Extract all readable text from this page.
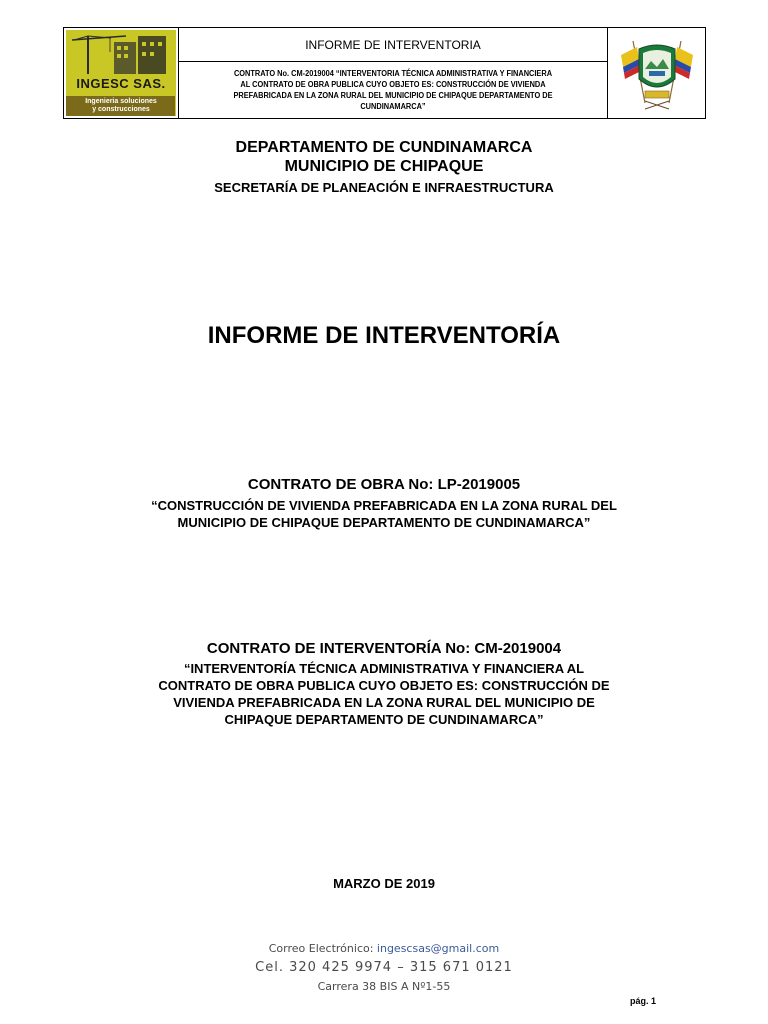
INGESC SAS.
Ingenieria soluciones
y construcciones
INFORME DE INTERVENTORIA
CONTRATO No. CM-2019004 “INTERVENTORIA TÉCNICA ADMINISTRATIVA Y FINANCIERA
AL CONTRATO DE OBRA PUBLICA CUYO OBJETO ES: CONSTRUCCIÓN DE VIVIENDA
PREFABRICADA EN LA ZONA RURAL DEL MUNICIPIO DE CHIPAQUE DEPARTAMENTO DE
CUNDINAMARCA”
DEPARTAMENTO DE CUNDINAMARCA
MUNICIPIO DE CHIPAQUE
SECRETARÍA DE PLANEACIÓN E INFRAESTRUCTURA
INFORME DE INTERVENTORÍA
CONTRATO DE OBRA No: LP-2019005
“CONSTRUCCIÓN DE VIVIENDA PREFABRICADA EN LA ZONA RURAL DEL
MUNICIPIO DE CHIPAQUE DEPARTAMENTO DE CUNDINAMARCA”
CONTRATO DE INTERVENTORÍA No: CM-2019004
“INTERVENTORÍA TÉCNICA ADMINISTRATIVA Y FINANCIERA AL
CONTRATO DE OBRA PUBLICA CUYO OBJETO ES: CONSTRUCCIÓN DE
VIVIENDA PREFABRICADA EN LA ZONA RURAL DEL MUNICIPIO DE
CHIPAQUE DEPARTAMENTO DE CUNDINAMARCA”
MARZO DE 2019
Correo Electrónico: ingescsas@gmail.com
Cel. 320 425 9974 – 315 671 0121
Carrera 38 BIS A Nº1-55
pág. 1
